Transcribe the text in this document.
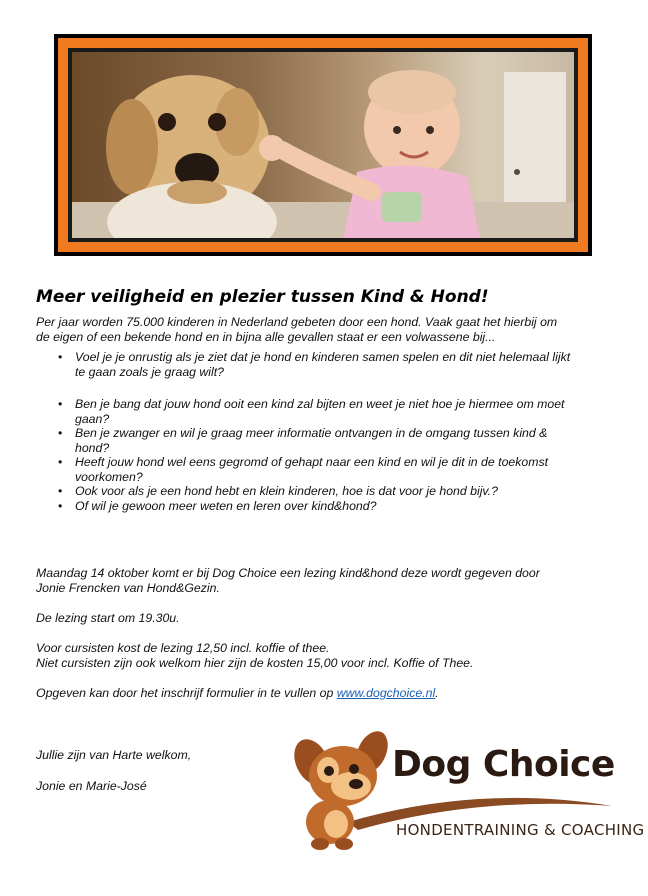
Meer veiligheid en plezier tussen Kind & Hond!
Per jaar worden 75.000 kinderen in Nederland gebeten door een hond. Vaak gaat het hierbij om
de eigen of een bekende hond en in bijna alle gevallen staat er een volwassene bij...
• Voel je je onrustig als je ziet dat je hond en kinderen samen spelen en dit niet helemaal lijkt
te gaan zoals je graag wilt?
• Ben je bang dat jouw hond ooit een kind zal bijten en weet je niet hoe je hiermee om moet
gaan?
• Ben je zwanger en wil je graag meer informatie ontvangen in de omgang tussen kind &
hond?
• Heeft jouw hond wel eens gegromd of gehapt naar een kind en wil je dit in de toekomst
voorkomen?
• Ook voor als je een hond hebt en klein kinderen, hoe is dat voor je hond bijv.?
• Of wil je gewoon meer weten en leren over kind&hond?
Maandag 14 oktober komt er bij Dog Choice een lezing kind&hond deze wordt gegeven door
Jonie Frencken van Hond&Gezin.
De lezing start om 19.30u.
Voor cursisten kost de lezing 12,50 incl. koffie of thee.
Niet cursisten zijn ook welkom hier zijn de kosten 15,00 voor incl. Koffie of Thee.
Opgeven kan door het inschrijf formulier in te vullen op www.dogchoice.nl.
Jullie zijn van Harte welkom,
Jonie en Marie-José
Dog Choice
HONDENTRAINING & COACHING
